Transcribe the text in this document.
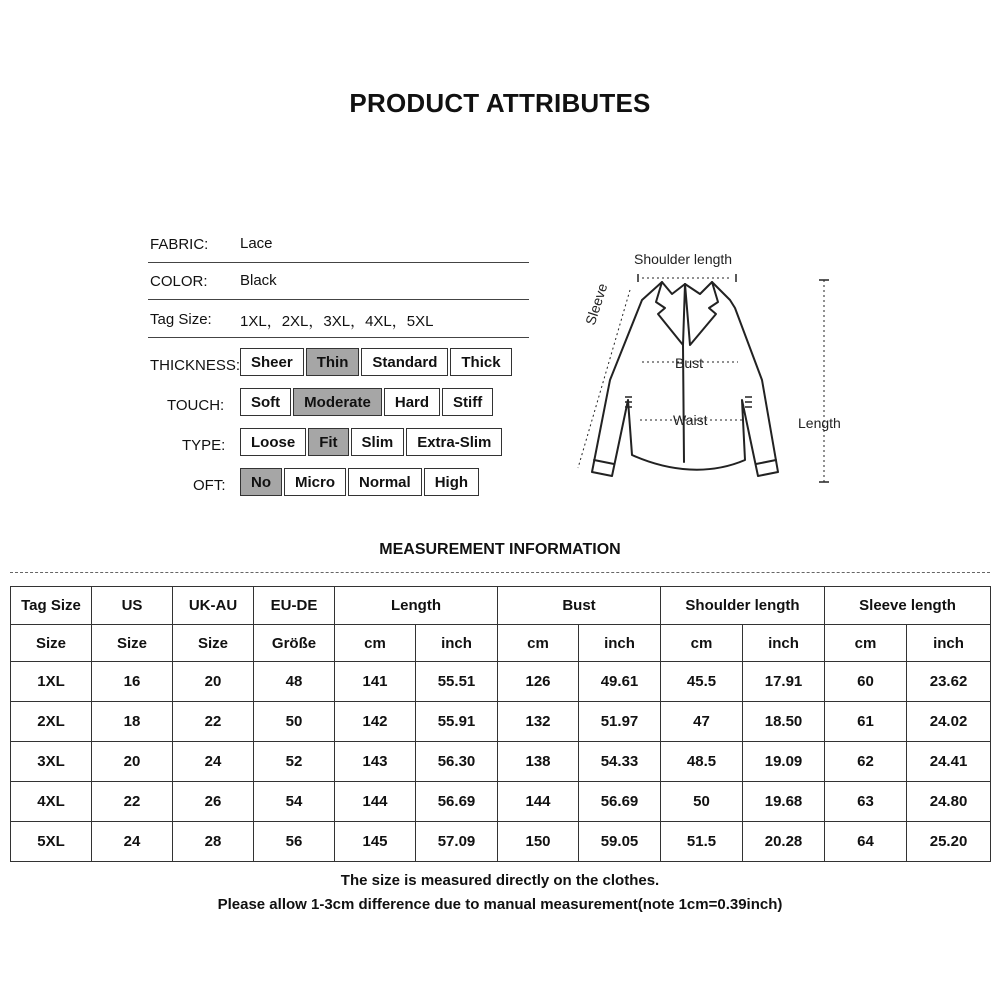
PRODUCT ATTRIBUTES
FABRIC: Lace
COLOR: Black
Tag Size: 1XL，2XL，3XL，4XL，5XL
THICKNESS: Sheer	Thin	Standard	Thick
TOUCH:	Soft	Moderate	Hard	Stiff
TYPE:	Loose	Fit	Slim	Extra-Slim
OFT:	No	Micro	Normal	High
Shoulder length
Sleeve
Bust
Waist	Length
MEASUREMENT INFORMATION
Tag Size	US	UK-AU	EU-DE	Length		Bust		Shoulder length		Sleeve length	
Size	Size	Size	Größe	cm	inch	cm	inch	cm	inch	cm	inch
1XL	16	20	48	141	55.51	126	49.61	45.5	17.91	60	23.62
2XL	18	22	50	142	55.91	132	51.97	47	18.50	61	24.02
3XL	20	24	52	143	56.30	138	54.33	48.5	19.09	62	24.41
4XL	22	26	54	144	56.69	144	56.69	50	19.68	63	24.80
5XL	24	28	56	145	57.09	150	59.05	51.5	20.28	64	25.20
The size is measured directly on the clothes.
Please allow 1-3cm difference due to manual measurement(note 1cm=0.39inch)
